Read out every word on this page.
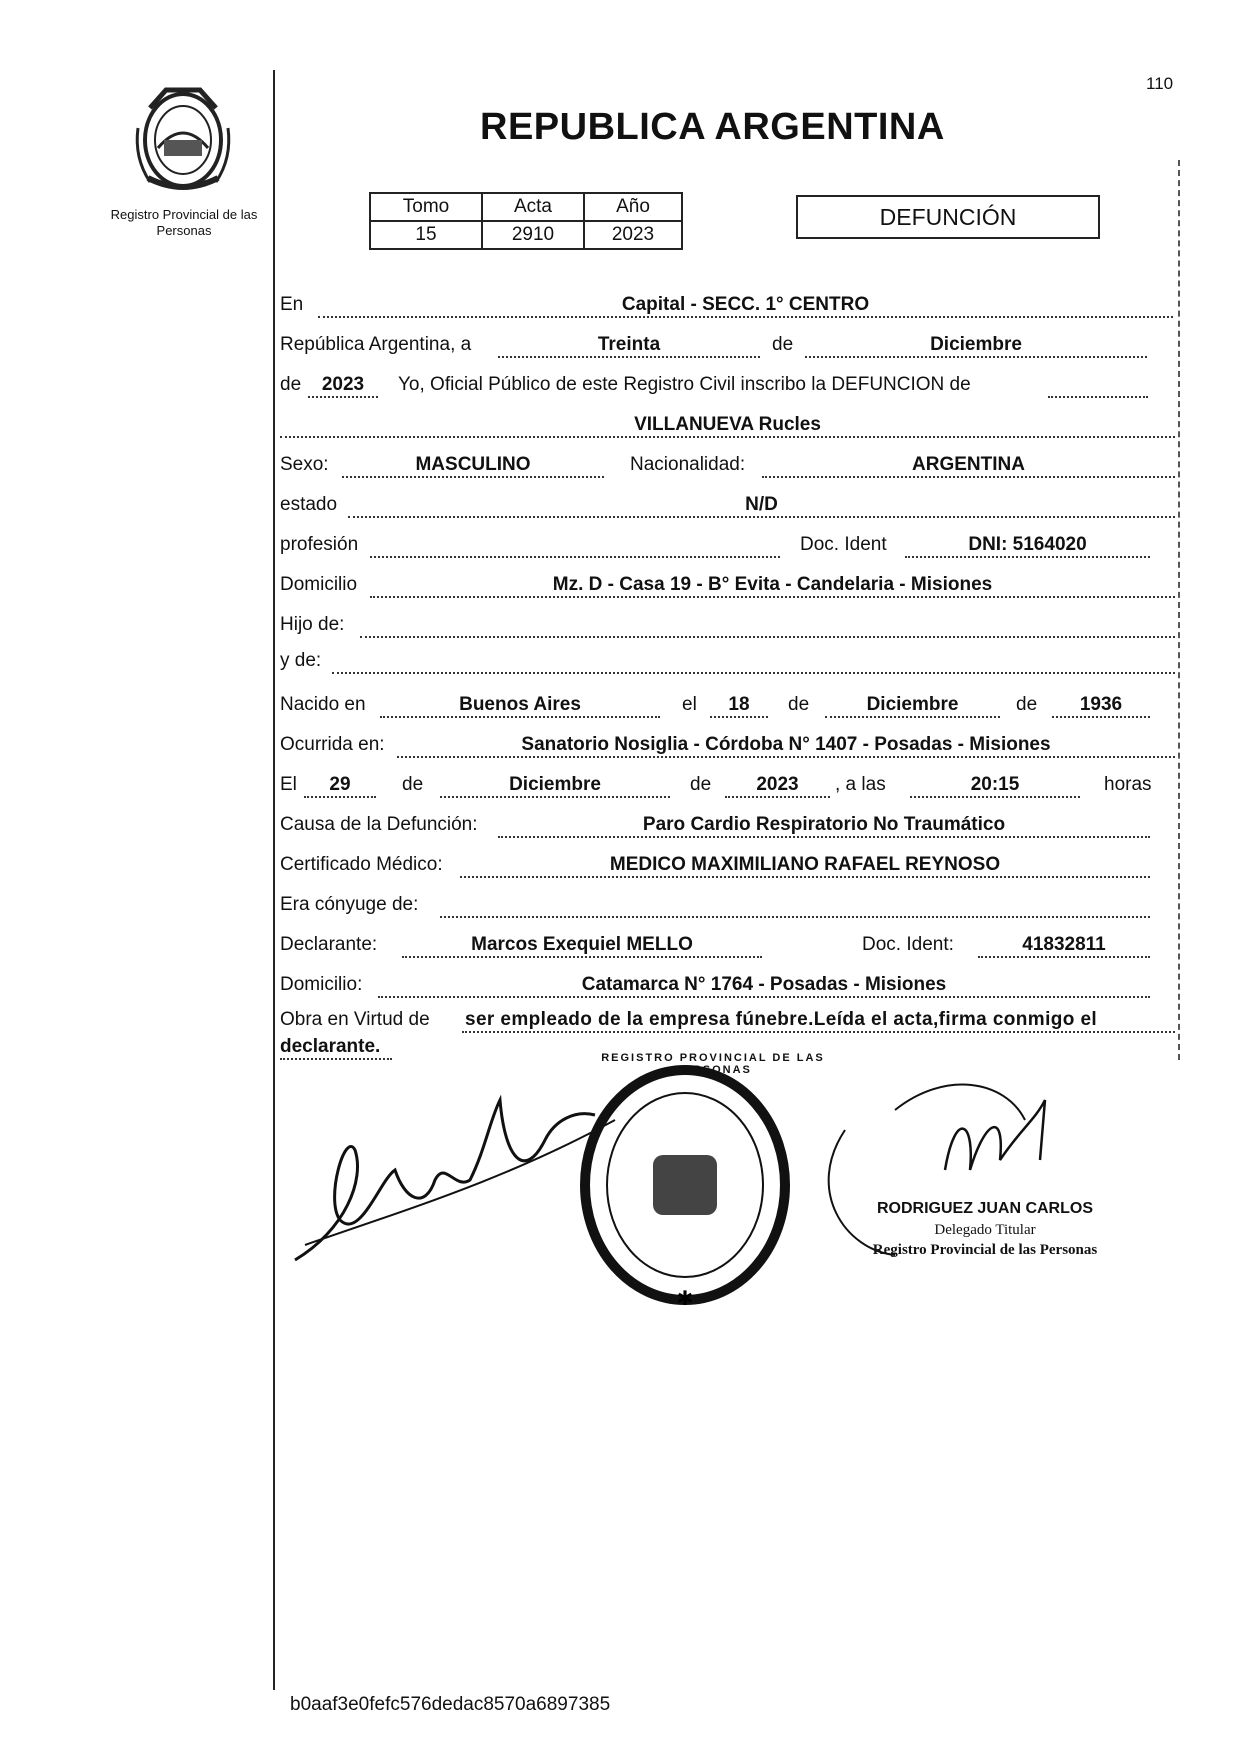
110
Registro Provincial de las Personas
REPUBLICA ARGENTINA
Tomo	Acta	Año
15	2910	2023
DEFUNCIÓN
En	Capital - SECC. 1° CENTRO
República Argentina, a	Treinta	de	Diciembre
de	2023	Yo, Oficial Público de este Registro Civil inscribo la DEFUNCION de
VILLANUEVA Rucles
Sexo:	MASCULINO	Nacionalidad:	ARGENTINA
estado	N/D
profesión	Doc. Ident	DNI: 5164020
Domicilio	Mz. D - Casa 19 - B° Evita - Candelaria - Misiones
Hijo de:
y de:
Nacido en	Buenos Aires	el	18	de	Diciembre	de	1936
Ocurrida en:	Sanatorio Nosiglia - Córdoba N° 1407 - Posadas - Misiones
El	29	de	Diciembre	de	2023	, a las	20:15	horas
Causa de la Defunción:	Paro Cardio Respiratorio No Traumático
Certificado Médico:	MEDICO MAXIMILIANO RAFAEL REYNOSO
Era cónyuge de:
Declarante:	Marcos Exequiel MELLO	Doc. Ident:	41832811
Domicilio:	Catamarca N° 1764 - Posadas - Misiones
Obra en Virtud de ser empleado de la empresa fúnebre.Leída el acta,firma conmigo el
declarante.
✱
REGISTRO PROVINCIAL DE LAS PERSONAS
RODRIGUEZ JUAN CARLOS
Delegado Titular
Registro Provincial de las Personas
b0aaf3e0fefc576dedac8570a6897385
